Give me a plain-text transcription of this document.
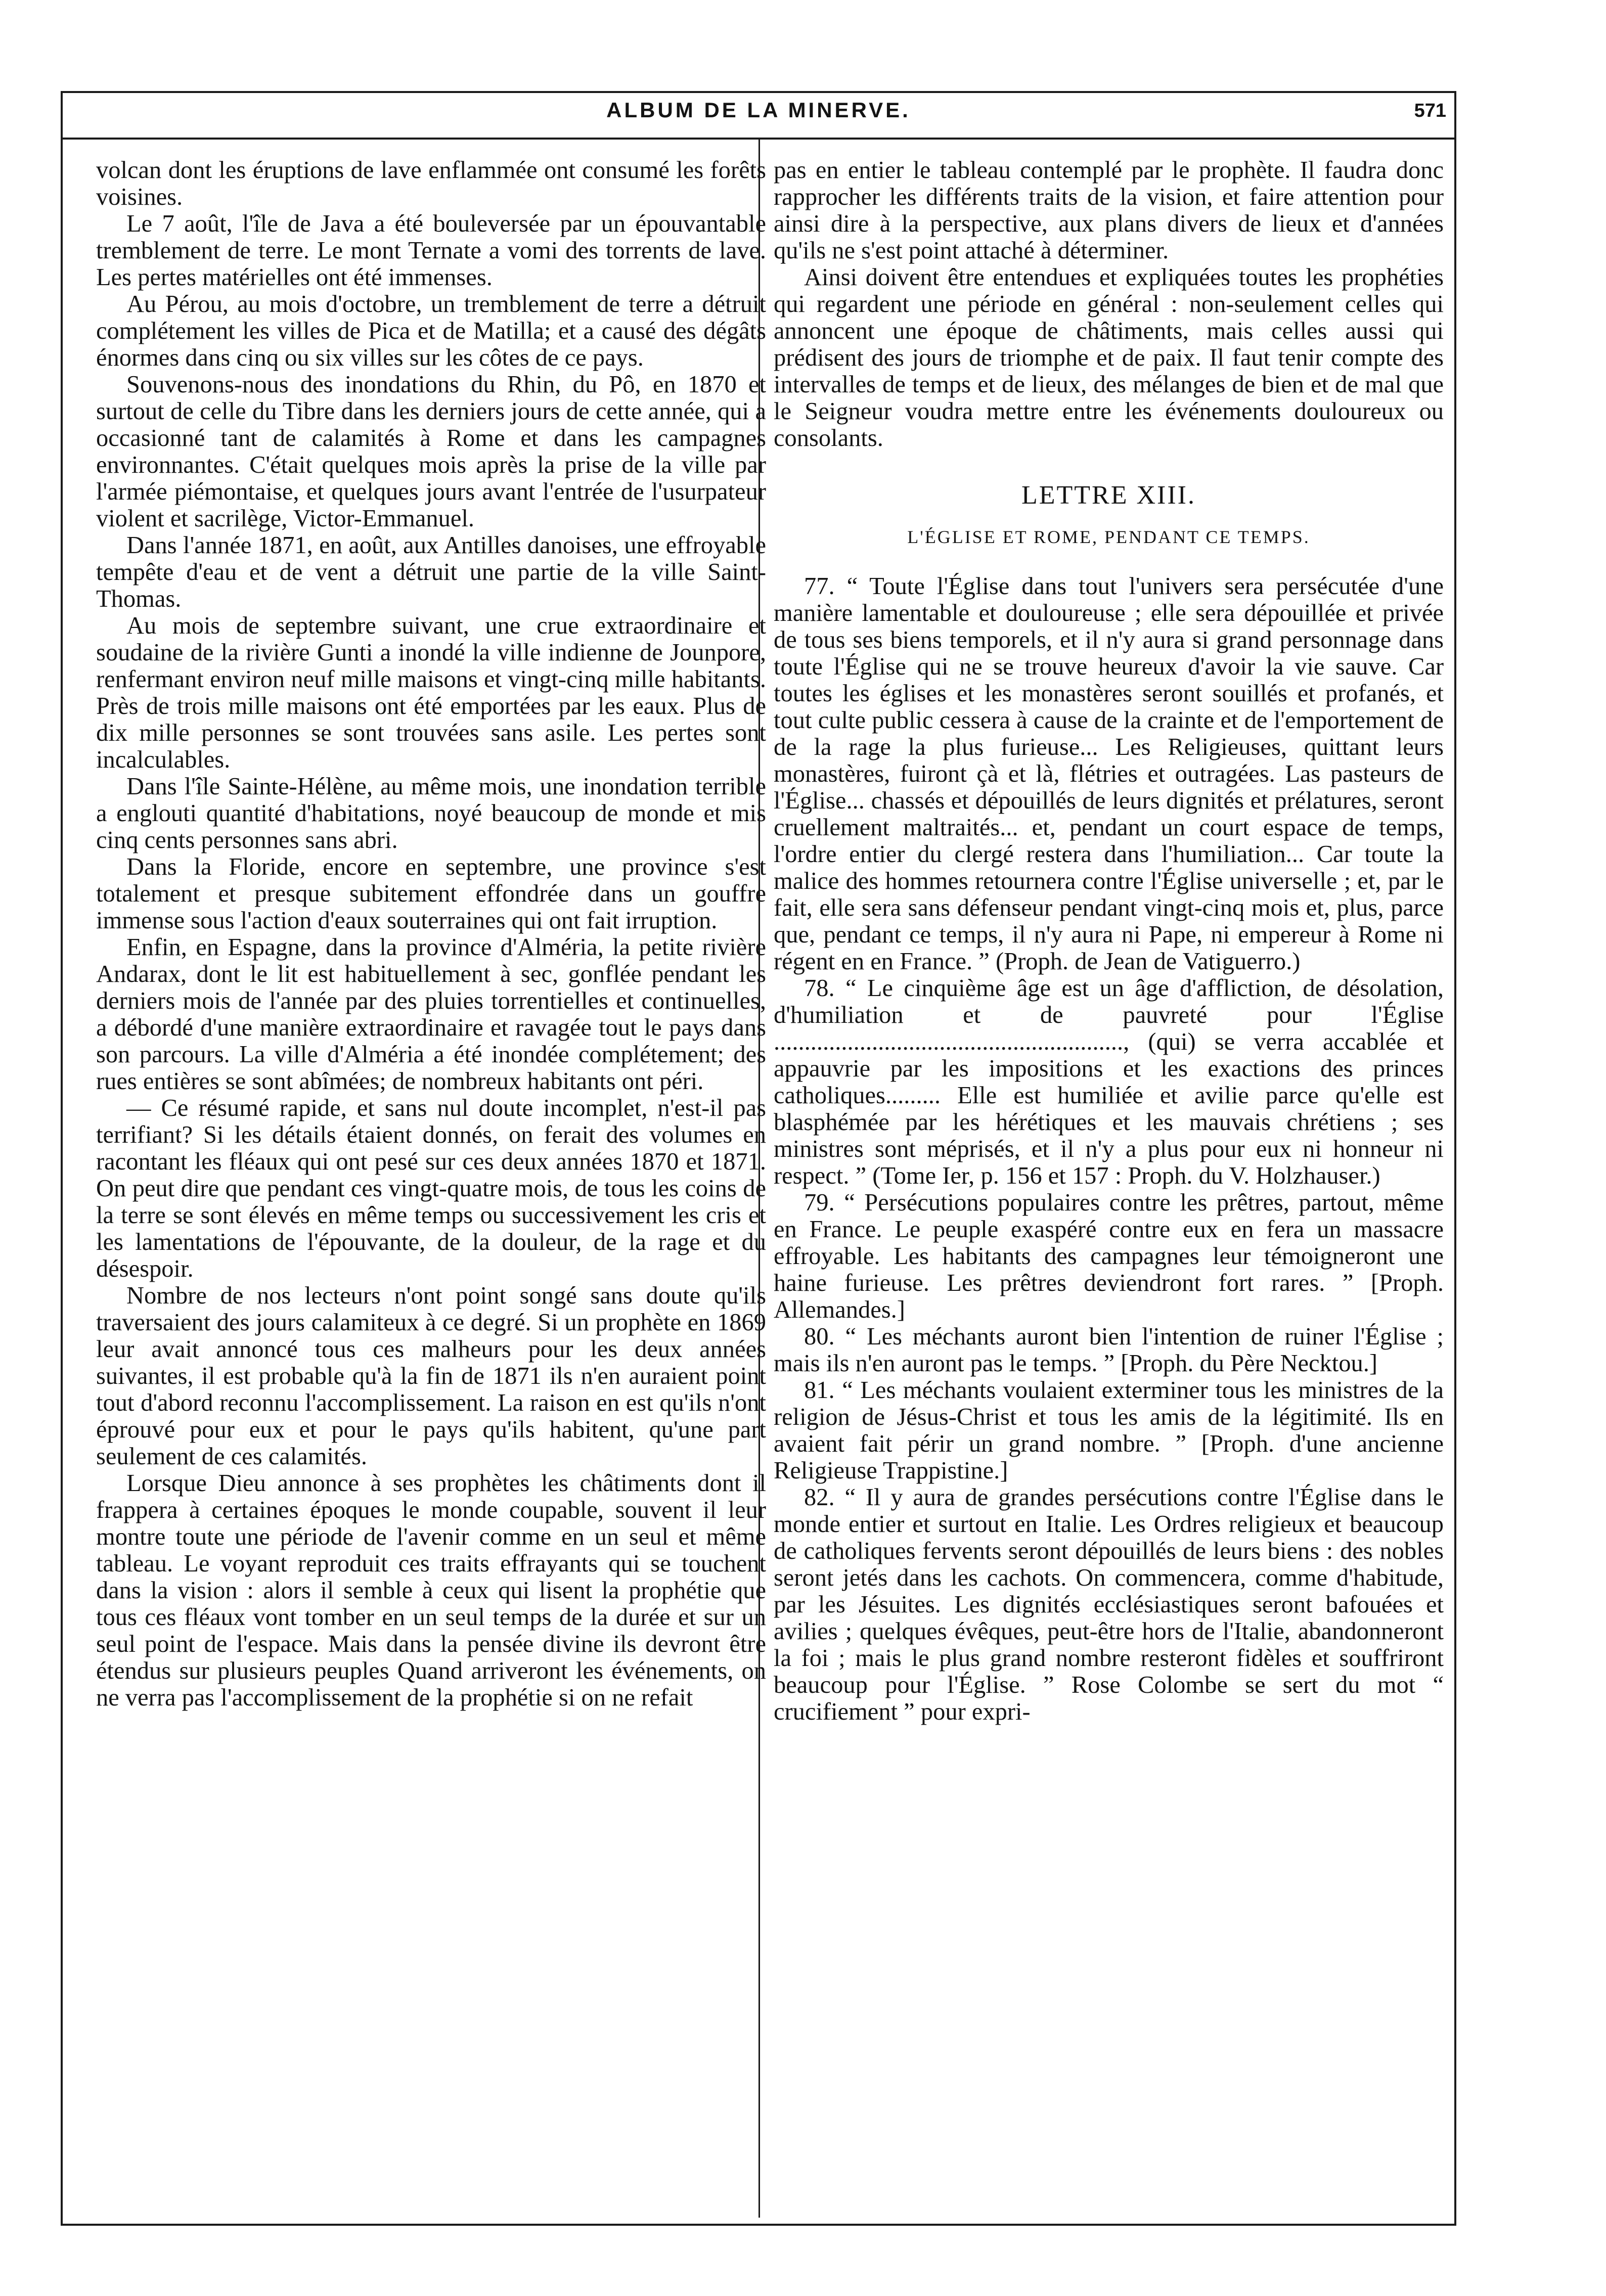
ALBUM DE LA MINERVE.	571

volcan dont les éruptions de lave enflammée ont consumé les forêts voisines.

Le 7 août, l'île de Java a été bouleversée par un épouvantable tremblement de terre. Le mont Ternate a vomi des torrents de lave. Les pertes matérielles ont été immenses.

Au Pérou, au mois d'octobre, un tremblement de terre a détruit complétement les villes de Pica et de Matilla; et a causé des dégâts énormes dans cinq ou six villes sur les côtes de ce pays.

Souvenons-nous des inondations du Rhin, du Pô, en 1870 et surtout de celle du Tibre dans les derniers jours de cette année, qui a occasionné tant de calamités à Rome et dans les campagnes environnantes. C'était quelques mois après la prise de la ville par l'armée piémontaise, et quelques jours avant l'entrée de l'usurpateur violent et sacrilège, Victor-Emmanuel.

Dans l'année 1871, en août, aux Antilles danoises, une effroyable tempête d'eau et de vent a détruit une partie de la ville Saint-Thomas.

Au mois de septembre suivant, une crue extraordinaire et soudaine de la rivière Gunti a inondé la ville indienne de Jounpore, renfermant environ neuf mille maisons et vingt-cinq mille habitants. Près de trois mille maisons ont été emportées par les eaux. Plus de dix mille personnes se sont trouvées sans asile. Les pertes sont incalculables.

Dans l'île Sainte-Hélène, au même mois, une inondation terrible a englouti quantité d'habitations, noyé beaucoup de monde et mis cinq cents personnes sans abri.

Dans la Floride, encore en septembre, une province s'est totalement et presque subitement effondrée dans un gouffre immense sous l'action d'eaux souterraines qui ont fait irruption.

Enfin, en Espagne, dans la province d'Alméria, la petite rivière Andarax, dont le lit est habituellement à sec, gonflée pendant les derniers mois de l'année par des pluies torrentielles et continuelles, a débordé d'une manière extraordinaire et ravagée tout le pays dans son parcours. La ville d'Alméria a été inondée complétement; des rues entières se sont abîmées; de nombreux habitants ont péri.

— Ce résumé rapide, et sans nul doute incomplet, n'est-il pas terrifiant? Si les détails étaient donnés, on ferait des volumes en racontant les fléaux qui ont pesé sur ces deux années 1870 et 1871. On peut dire que pendant ces vingt-quatre mois, de tous les coins de la terre se sont élevés en même temps ou successivement les cris et les lamentations de l'épouvante, de la douleur, de la rage et du désespoir.

Nombre de nos lecteurs n'ont point songé sans doute qu'ils traversaient des jours calamiteux à ce degré. Si un prophète en 1869 leur avait annoncé tous ces malheurs pour les deux années suivantes, il est probable qu'à la fin de 1871 ils n'en auraient point tout d'abord reconnu l'accomplissement. La raison en est qu'ils n'ont éprouvé pour eux et pour le pays qu'ils habitent, qu'une part seulement de ces calamités.

Lorsque Dieu annonce à ses prophètes les châtiments dont il frappera à certaines époques le monde coupable, souvent il leur montre toute une période de l'avenir comme en un seul et même tableau. Le voyant reproduit ces traits effrayants qui se touchent dans la vision : alors il semble à ceux qui lisent la prophétie que tous ces fléaux vont tomber en un seul temps de la durée et sur un seul point de l'espace. Mais dans la pensée divine ils devront être étendus sur plusieurs peuples Quand arriveront les événements, on ne verra pas l'accomplissement de la prophétie si on ne refait

pas en entier le tableau contemplé par le prophète. Il faudra donc rapprocher les différents traits de la vision, et faire attention pour ainsi dire à la perspective, aux plans divers de lieux et d'années qu'ils ne s'est point attaché à déterminer.

Ainsi doivent être entendues et expliquées toutes les prophéties qui regardent une période en général : non-seulement celles qui annoncent une époque de châtiments, mais celles aussi qui prédisent des jours de triomphe et de paix. Il faut tenir compte des intervalles de temps et de lieux, des mélanges de bien et de mal que le Seigneur voudra mettre entre les événements douloureux ou consolants.

LETTRE XIII.
L'ÉGLISE ET ROME, PENDANT CE TEMPS.

77. “ Toute l'Église dans tout l'univers sera persécutée d'une manière lamentable et douloureuse ; elle sera dépouillée et privée de tous ses biens temporels, et il n'y aura si grand personnage dans toute l'Église qui ne se trouve heureux d'avoir la vie sauve. Car toutes les églises et les monastères seront souillés et profanés, et tout culte public cessera à cause de la crainte et de l'emportement de de la rage la plus furieuse... Les Religieuses, quittant leurs monastères, fuiront çà et là, flétries et outragées. Las pasteurs de l'Église... chassés et dépouillés de leurs dignités et prélatures, seront cruellement maltraités... et, pendant un court espace de temps, l'ordre entier du clergé restera dans l'humiliation... Car toute la malice des hommes retournera contre l'Église universelle ; et, par le fait, elle sera sans défenseur pendant vingt-cinq mois et, plus, parce que, pendant ce temps, il n'y aura ni Pape, ni empereur à Rome ni régent en en France. ” (Proph. de Jean de Vatiguerro.)

78. “ Le cinquième âge est un âge d'affliction, de désolation, d'humiliation et de pauvreté pour l'Église ........................................................., (qui) se verra accablée et appauvrie par les impositions et les exactions des princes catholiques......... Elle est humiliée et avilie parce qu'elle est blasphémée par les hérétiques et les mauvais chrétiens ; ses ministres sont méprisés, et il n'y a plus pour eux ni honneur ni respect. ” (Tome Ier, p. 156 et 157 : Proph. du V. Holzhauser.)

79. “ Persécutions populaires contre les prêtres, partout, même en France. Le peuple exaspéré contre eux en fera un massacre effroyable. Les habitants des campagnes leur témoigneront une haine furieuse. Les prêtres deviendront fort rares. ” [Proph. Allemandes.]

80. “ Les méchants auront bien l'intention de ruiner l'Église ; mais ils n'en auront pas le temps. ” [Proph. du Père Necktou.]

81. “ Les méchants voulaient exterminer tous les ministres de la religion de Jésus-Christ et tous les amis de la légitimité. Ils en avaient fait périr un grand nombre. ” [Proph. d'une ancienne Religieuse Trappistine.]

82. “ Il y aura de grandes persécutions contre l'Église dans le monde entier et surtout en Italie. Les Ordres religieux et beaucoup de catholiques fervents seront dépouillés de leurs biens : des nobles seront jetés dans les cachots. On commencera, comme d'habitude, par les Jésuites. Les dignités ecclésiastiques seront bafouées et avilies ; quelques évêques, peut-être hors de l'Italie, abandonneront la foi ; mais le plus grand nombre resteront fidèles et souffriront beaucoup pour l'Église. ” Rose Colombe se sert du mot “ crucifiement ” pour expri-
